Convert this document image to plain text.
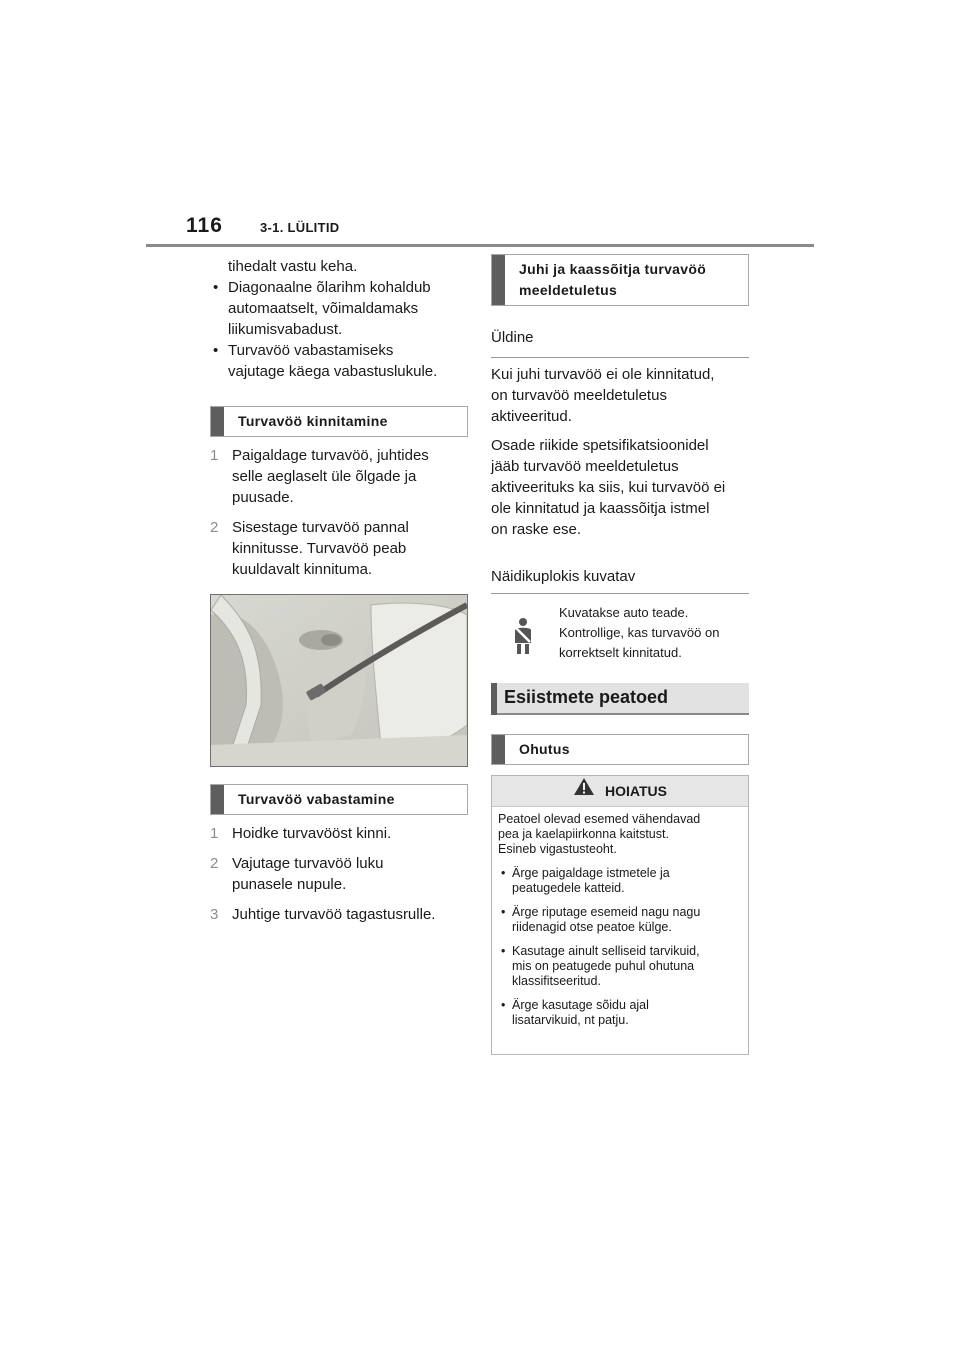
116	3-1. LÜLITID

tihedalt vastu keha.

• Diagonaalne õlarihm kohaldub
automaatselt, võimaldamaks
liikumisvabadust.
• Turvavöö vabastamiseks
vajutage käega vabastuslukule.
Turvavöö kinnitamine
1 Paigaldage turvavöö, juhtides
selle aeglaselt üle õlgade ja
puusade.
2 Sisestage turvavöö pannal
kinnitusse. Turvavöö peab
kuuldavalt kinnituma.
Turvavöö vabastamine
1 Hoidke turvavööst kinni.
2 Vajutage turvavöö luku
punasele nupule.
3 Juhtige turvavöö tagastusrulle.
Juhi ja kaassõitja turvavöö
meeldetuletus
Üldine
Kui juhi turvavöö ei ole kinnitatud,
on turvavöö meeldetuletus
aktiveeritud.
Osade riikide spetsifikatsioonidel
jääb turvavöö meeldetuletus
aktiveerituks ka siis, kui turvavöö ei
ole kinnitatud ja kaassõitja istmel
on raske ese.
Näidikuplokis kuvatav
Kuvatakse auto teade.
Kontrollige, kas turvavöö on
korrektselt kinnitatud.
Esiistmete peatoed
Ohutus
HOIATUS
Peatoel olevad esemed vähendavad
pea ja kaelapiirkonna kaitstust.
Esineb vigastusteoht.
• Ärge paigaldage istmetele ja
peatugedele katteid.
• Ärge riputage esemeid nagu nagu
riidenagid otse peatoe külge.
• Kasutage ainult selliseid tarvikuid,
mis on peatugede puhul ohutuna
klassifitseeritud.
• Ärge kasutage sõidu ajal
lisatarvikuid, nt patju.
